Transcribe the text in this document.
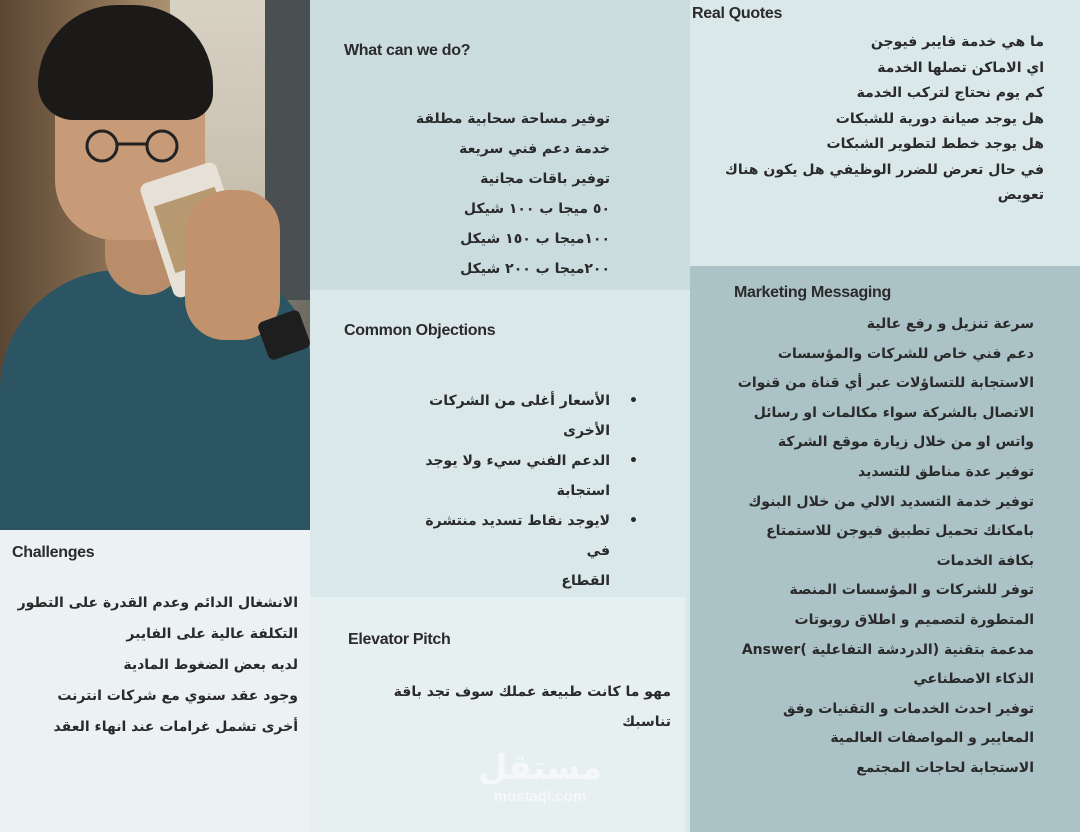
Challenges
الانشغال الدائم وعدم القدرة على التطور
التكلفة عالية على الفايبر
لديه بعض الضغوط المادية
وجود عقد سنوي مع شركات انترنت
أخرى تشمل غرامات عند انهاء العقد
What can we do?
توفير مساحة سحابية مطلقة
خدمة دعم فني سريعة
توفير باقات مجانية
٥٠ ميجا ب ١٠٠ شيكل
١٠٠ميجا ب ١٥٠ شيكل
٢٠٠ميجا ب ٢٠٠ شيكل
Common Objections
•
الأسعار أغلى من الشركات
الأخرى
•
الدعم الفني سيء ولا يوجد
استجابة
•
لايوجد نقاط تسديد منتشرة في
القطاع
Elevator Pitch
مهو ما كانت طبيعة عملك سوف تجد باقة
تناسبك
Real Quotes
ما هي خدمة فايبر فيوجن
اي الاماكن تصلها الخدمة
كم يوم نحتاج لتركب الخدمة
هل يوجد صيانة دورية للشبكات
هل يوجد خطط لتطوير الشبكات
في حال تعرض للضرر الوظيفي هل يكون هناك
تعويض
Marketing Messaging
سرعة تنزيل و رفع عالية
دعم فني خاص للشركات والمؤسسات
الاستجابة للتساؤلات عبر أي قناة من قنوات
الاتصال بالشركة سواء مكالمات او رسائل
واتس او من خلال زيارة موقع الشركة
توفير عدة مناطق للتسديد
توفير خدمة التسديد الالي من خلال البنوك
بامكانك تحميل تطبيق فيوجن للاستمتاع
بكافة الخدمات
توفر للشركات و المؤسسات المنصة
المتطورة لتصميم و اطلاق روبوتات
مدعمة بتقنية (الدردشة التفاعلية )Answer
الذكاء الاصطناعي
توفير احدث الخدمات و التقنيات وفق
المعايير و المواصفات العالمية
الاستجابة لحاجات المجتمع
مستقل
mostaql.com
